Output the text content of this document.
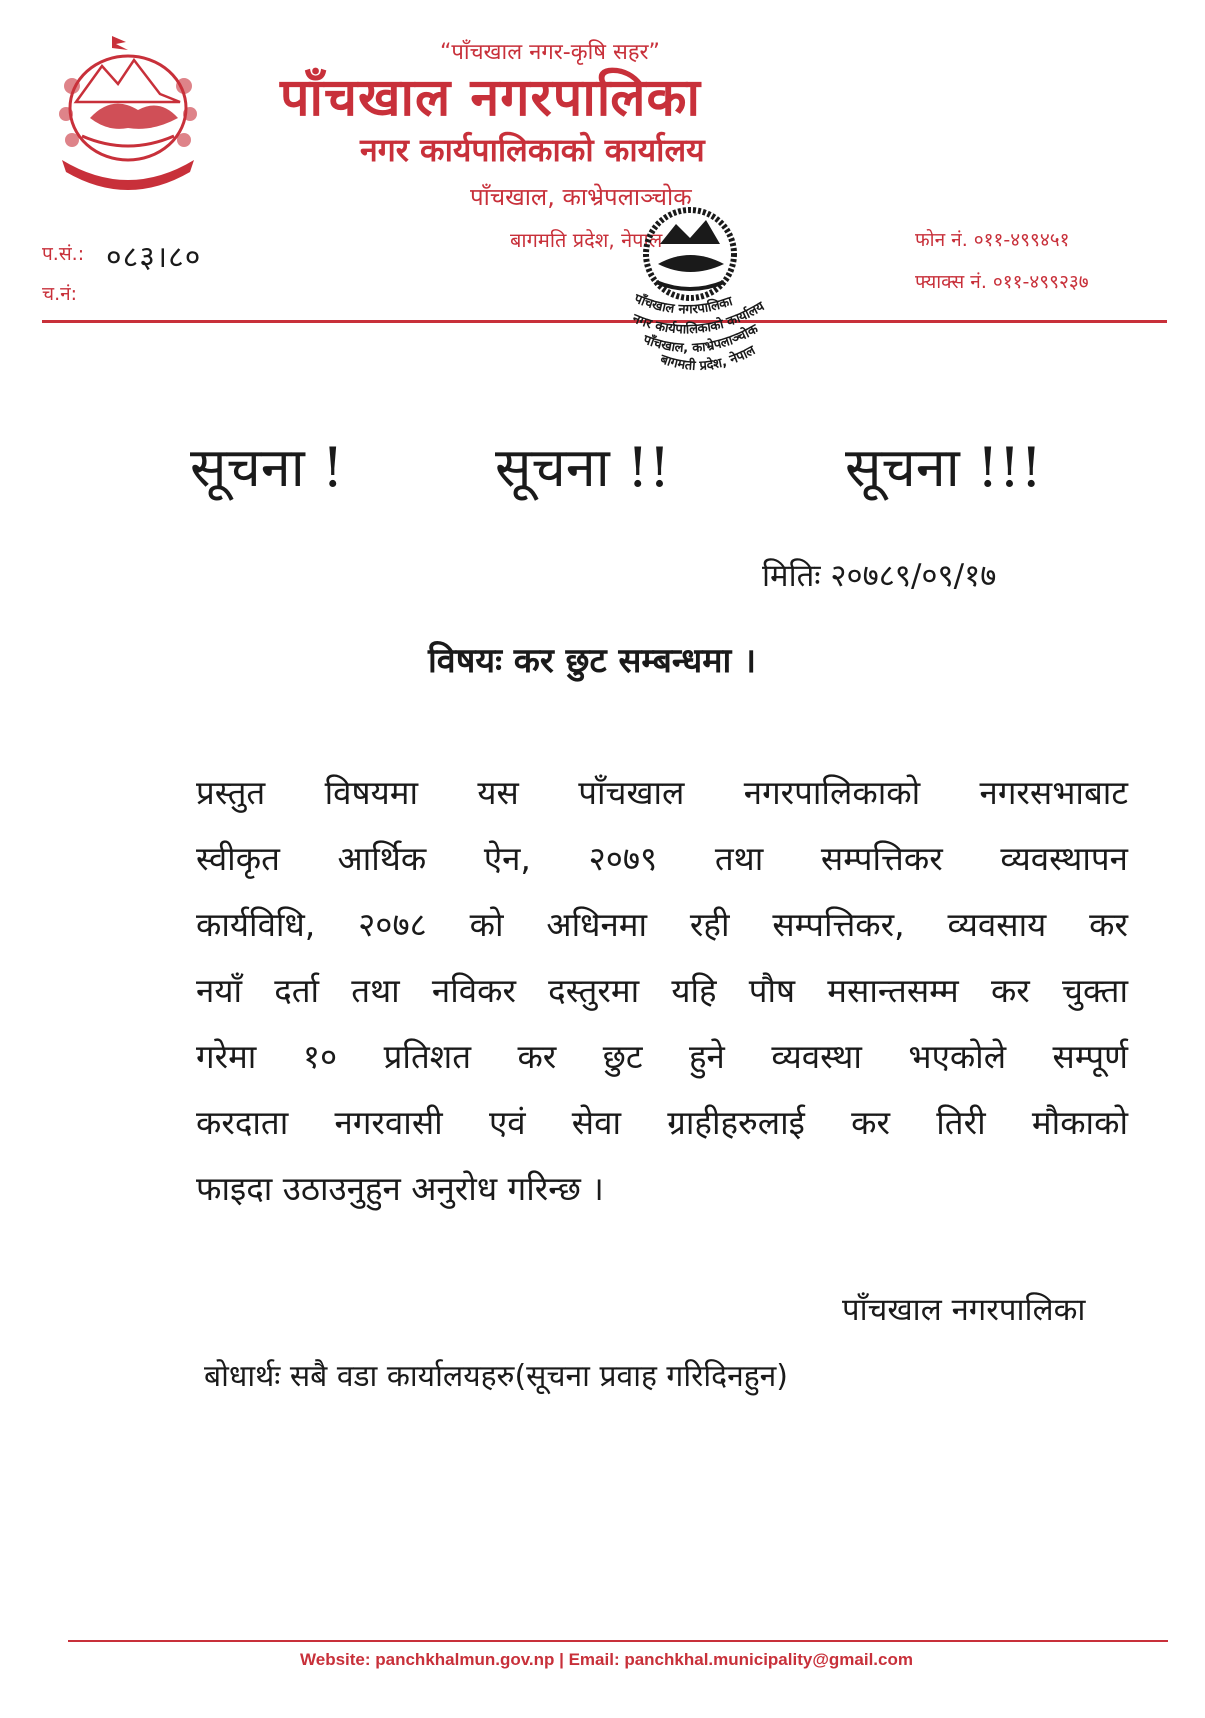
जननी जन्मभूमिश्च स्वर्गादपि गरीयसी
“पाँचखाल नगर-कृषि सहर”
पाँचखाल नगरपालिका
नगर कार्यपालिकाको कार्यालय
पाँचखाल, काभ्रेपलाञ्चोक
बागमति प्रदेश, नेपाल
प.सं.: ०८३।८०
च.नं:
फोन नं. ०११-४९९४५१
फ्याक्स नं. ०११-४९९२३७
पाँचखाल नगरपालिका
नगर कार्यपालिकाको कार्यालय
पाँचखाल, काभ्रेपलाञ्चोक
बागमती प्रदेश, नेपाल
सूचना !	सूचना !!	सूचना !!!
मितिः २०७८९/०९/१७
विषयः कर छुट सम्बन्धमा ।
प्रस्तुत विषयमा यस पाँचखाल नगरपालिकाको नगरसभाबाट
स्वीकृत आर्थिक ऐन, २०७९ तथा सम्पत्तिकर व्यवस्थापन
कार्यविधि, २०७८ को अधिनमा रही सम्पत्तिकर, व्यवसाय कर
नयाँ दर्ता तथा नविकर दस्तुरमा यहि पौष मसान्तसम्म कर चुक्ता
गरेमा १० प्रतिशत कर छुट हुने व्यवस्था भएकोले सम्पूर्ण
करदाता नगरवासी एवं सेवा ग्राहीहरुलाई कर तिरी मौकाको
फाइदा उठाउनुहुन अनुरोध गरिन्छ ।
पाँचखाल नगरपालिका
बोधार्थः सबै वडा कार्यालयहरु(सूचना प्रवाह गरिदिनहुन)
Website: panchkhalmun.gov.np | Email: panchkhal.municipality@gmail.com
